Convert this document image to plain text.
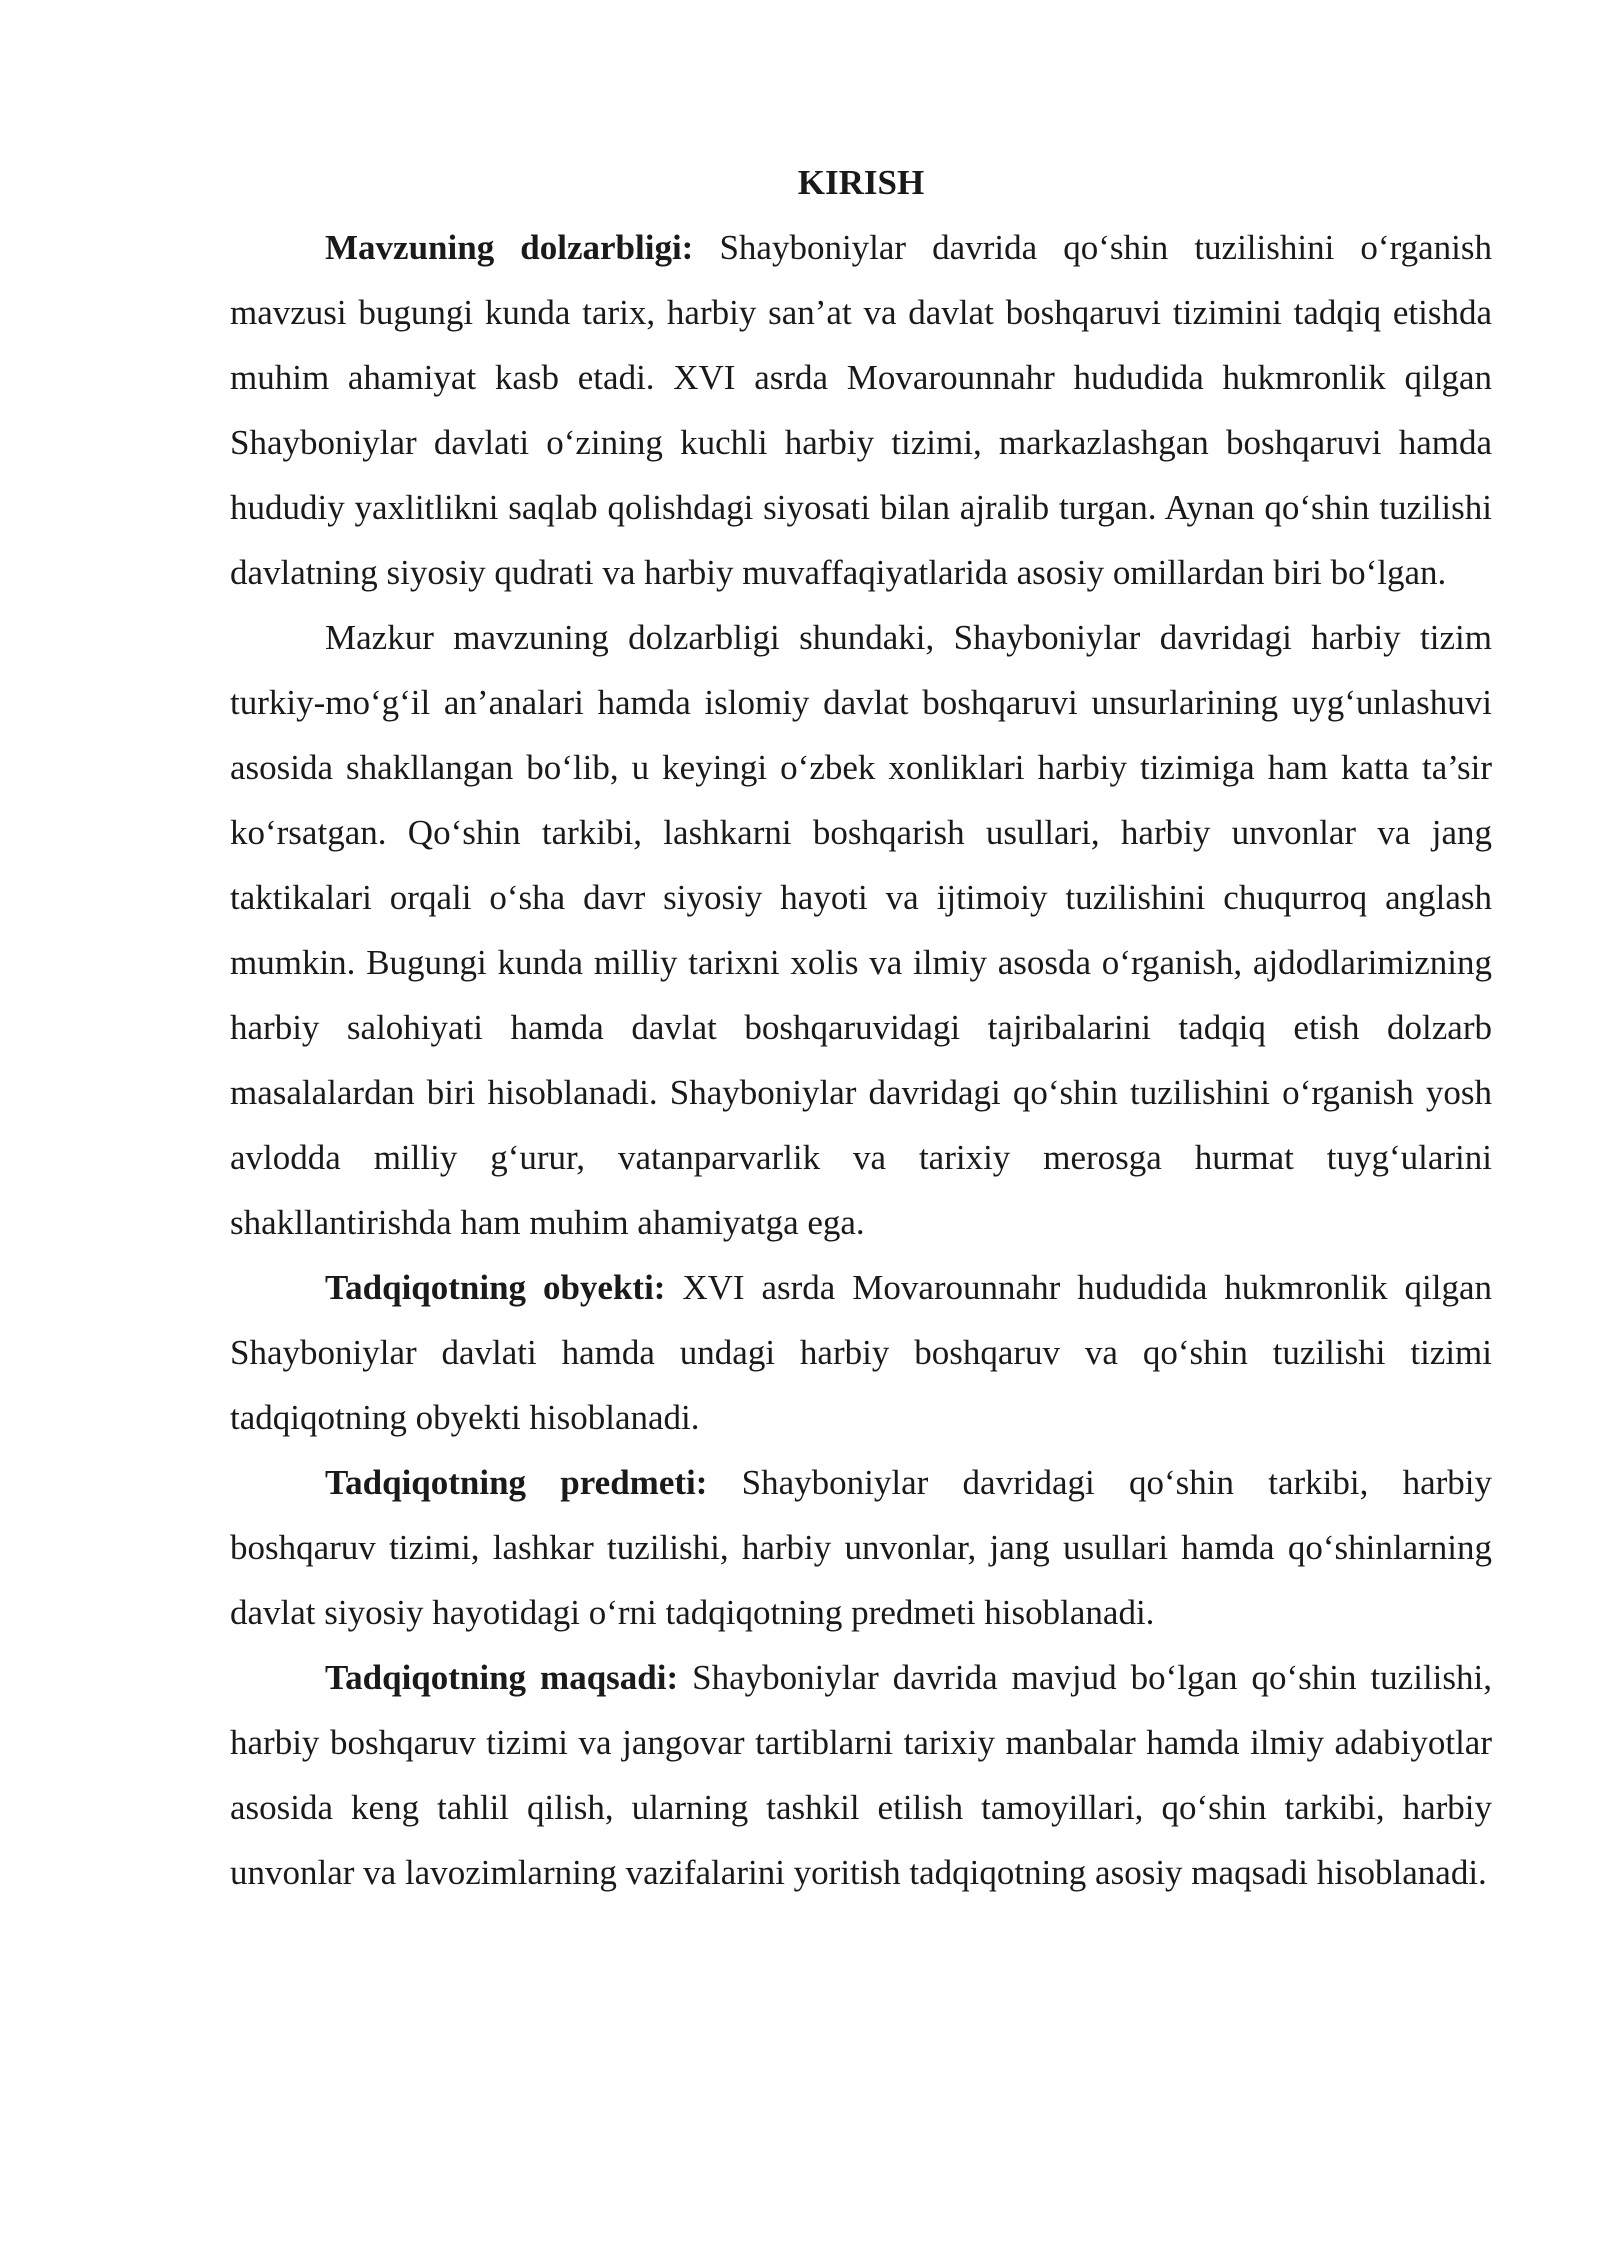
KIRISH

Mavzuning dolzarbligi: Shayboniylar davrida qo‘shin tuzilishini o‘rganish mavzusi bugungi kunda tarix, harbiy san’at va davlat boshqaruvi tizimini tadqiq etishda muhim ahamiyat kasb etadi. XVI asrda Movarounnahr hududida hukmronlik qilgan Shayboniylar davlati o‘zining kuchli harbiy tizimi, markazlashgan boshqaruvi hamda hududiy yaxlitlikni saqlab qolishdagi siyosati bilan ajralib turgan. Aynan qo‘shin tuzilishi davlatning siyosiy qudrati va harbiy muvaffaqiyatlarida asosiy omillardan biri bo‘lgan.

Mazkur mavzuning dolzarbligi shundaki, Shayboniylar davridagi harbiy tizim turkiy-mo‘g‘il an’analari hamda islomiy davlat boshqaruvi unsurlarining uyg‘unlashuvi asosida shakllangan bo‘lib, u keyingi o‘zbek xonliklari harbiy tizimiga ham katta ta’sir ko‘rsatgan. Qo‘shin tarkibi, lashkarni boshqarish usullari, harbiy unvonlar va jang taktikalari orqali o‘sha davr siyosiy hayoti va ijtimoiy tuzilishini chuqurroq anglash mumkin. Bugungi kunda milliy tarixni xolis va ilmiy asosda o‘rganish, ajdodlarimizning harbiy salohiyati hamda davlat boshqaruvidagi tajribalarini tadqiq etish dolzarb masalalardan biri hisoblanadi. Shayboniylar davridagi qo‘shin tuzilishini o‘rganish yosh avlodda milliy g‘urur, vatanparvarlik va tarixiy merosga hurmat tuyg‘ularini shakllantirishda ham muhim ahamiyatga ega.

Tadqiqotning obyekti: XVI asrda Movarounnahr hududida hukmronlik qilgan Shayboniylar davlati hamda undagi harbiy boshqaruv va qo‘shin tuzilishi tizimi tadqiqotning obyekti hisoblanadi.

Tadqiqotning predmeti: Shayboniylar davridagi qo‘shin tarkibi, harbiy boshqaruv tizimi, lashkar tuzilishi, harbiy unvonlar, jang usullari hamda qo‘shinlarning davlat siyosiy hayotidagi o‘rni tadqiqotning predmeti hisoblanadi.

Tadqiqotning maqsadi: Shayboniylar davrida mavjud bo‘lgan qo‘shin tuzilishi, harbiy boshqaruv tizimi va jangovar tartiblarni tarixiy manbalar hamda ilmiy adabiyotlar asosida keng tahlil qilish, ularning tashkil etilish tamoyillari, qo‘shin tarkibi, harbiy unvonlar va lavozimlarning vazifalarini yoritish tadqiqotning asosiy maqsadi hisoblanadi.
